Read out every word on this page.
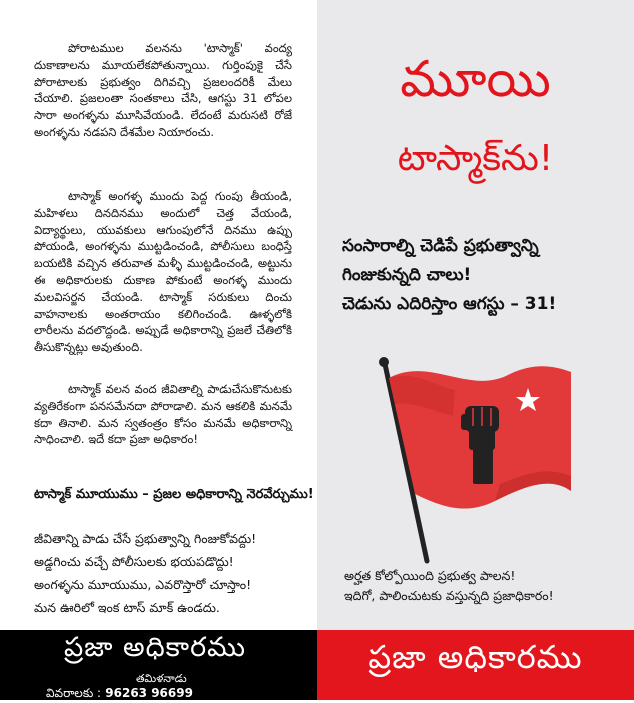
పోరాటముల వలనను 'టాస్మాక్' వంద్య దుకాణాలను మూయలేకపోతున్నాయి. గుర్తింపుకై చేసే పోరాటాలకు ప్రభుత్వం దిగివచ్చి ప్రజలందరికీ మేలు చేయాలి. ప్రజలంతా సంతకాలు చేసి, ఆగస్టు 31 లోపల సారా అంగళ్ళను మూసివేయండి. లేదంటే మరుసటి రోజే అంగళ్ళను నడపని దేశమేల నియారంచు.
టాస్మాక్ అంగళ్ళ ముందు పెద్ద గుంపు తీయండి, మహిళలు దినదినము అందులో చెత్త వేయండి, విద్యార్థులు, యువకులు ఆగుంపులోనే దినము ఉప్పు పోయండి, అంగళ్ళను ముట్టడించండి, పోలీసులు బంధిస్తే బయటికి వచ్చిన తరువాత మళ్ళీ ముట్టడించండి, అట్టును ఈ అధికారులకు దుకాణ పోకుంటే అంగళ్ళ ముందు మలవిసర్జన చేయండి. టాస్మాక్ సరుకులు దించు వాహనాలకు అంతరాయం కలిగించండి. ఊళ్ళలోకి లారీలను వదలొద్దండి. అప్పుడే అధికారాన్ని ప్రజలే చేతిలోకి తీసుకొన్నట్లు అవుతుంది.
టాస్మాక్ వలన వంద జీవితాల్ని పాడుచేసుకొనుటకు వ్యతిరేకంగా పనసమేనదా పోరాడాలి. మన ఆకలికి మనమే కదా తినాలి. మన స్వతంత్రం కోసం మనమే అధికారాన్ని సాధించాలి. ఇదే కదా ప్రజా అధికారం!
టాస్మాక్ మూయుము – ప్రజల అధికారాన్ని నెరవేర్చుము!
జీవితాన్ని పాడు చేసే ప్రభుత్వాన్ని గింజుకోవద్దు!
అడ్డగించు వచ్చే పోలీసులకు భయపడొద్దు!
అంగళ్ళను మూయుము, ఎవరొస్తారో చూస్తాం!
మన ఊరిలో ఇంక టాస్ మాక్ ఉండదు.
ప్రజా అధికారము
తమిళనాడు
వివరాలకు : 96263 96699
మూయి
టాస్మాక్‌ను!
సంసారాల్ని చెడిపే ప్రభుత్వాన్ని గింజుకున్నది చాలు!
చెడును ఎదిరిస్తాం ఆగస్టు – 31!
అర్హత కోల్పోయింది ప్రభుత్వ పాలన!
ఇదిగో, పాలించుటకు వస్తున్నది ప్రజాధికారం!
ప్రజా అధికారము
